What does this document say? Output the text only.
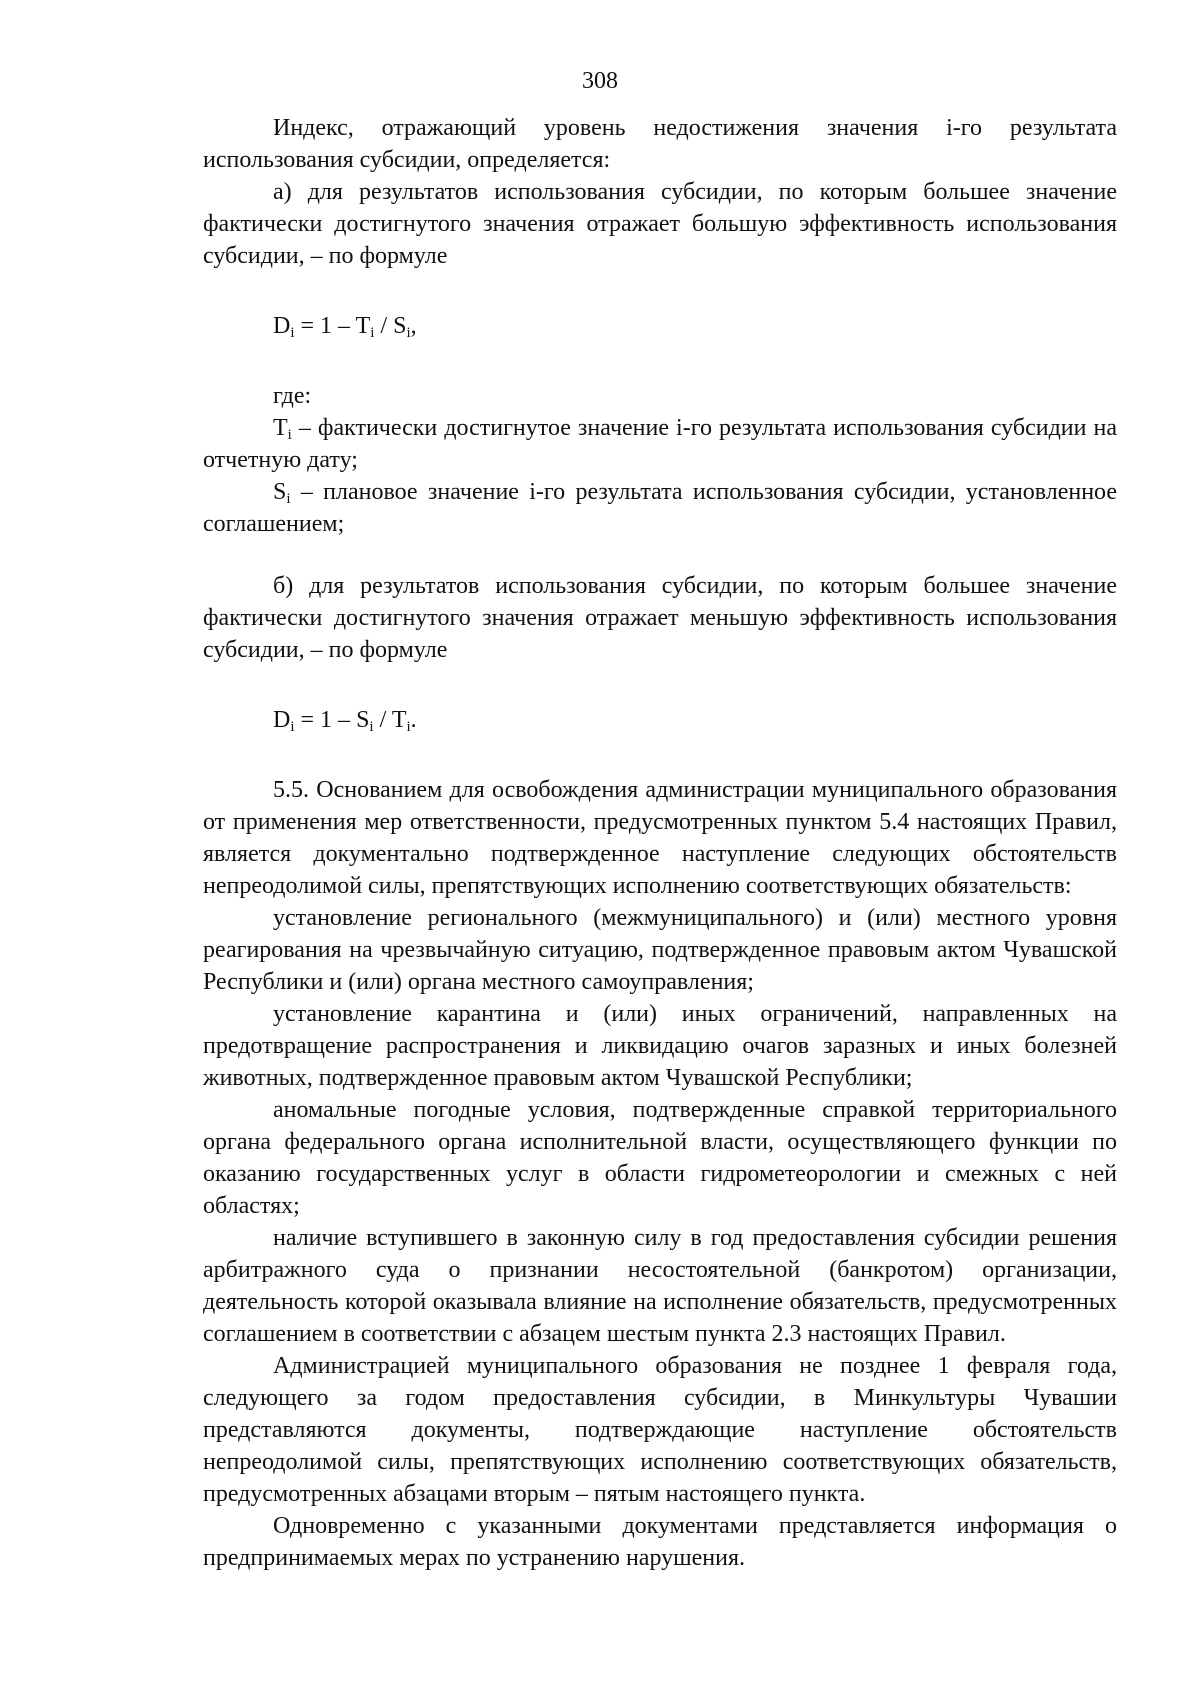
308

Индекс, отражающий уровень недостижения значения i-го результата использования субсидии, определяется:

а) для результатов использования субсидии, по которым большее значение фактически достигнутого значения отражает большую эффективность использования субсидии, – по формуле

$D_i = 1 - T_i / S_i$,

где:

$T_i$ – фактически достигнутое значение i-го результата использования субсидии на отчетную дату;

$S_i$ – плановое значение i-го результата использования субсидии, установленное соглашением;

б) для результатов использования субсидии, по которым большее значение фактически достигнутого значения отражает меньшую эффективность использования субсидии, – по формуле

$D_i = 1 - S_i / T_i$.

5.5. Основанием для освобождения администрации муниципального образования от применения мер ответственности, предусмотренных пунктом 5.4 настоящих Правил, является документально подтвержденное наступление следующих обстоятельств непреодолимой силы, препятствующих исполнению соответствующих обязательств:

установление регионального (межмуниципального) и (или) местного уровня реагирования на чрезвычайную ситуацию, подтвержденное правовым актом Чувашской Республики и (или) органа местного самоуправления;

установление карантина и (или) иных ограничений, направленных на предотвращение распространения и ликвидацию очагов заразных и иных болезней животных, подтвержденное правовым актом Чувашской Республики;

аномальные погодные условия, подтвержденные справкой территориального органа федерального органа исполнительной власти, осуществляющего функции по оказанию государственных услуг в области гидрометеорологии и смежных с ней областях;

наличие вступившего в законную силу в год предоставления субсидии решения арбитражного суда о признании несостоятельной (банкротом) организации, деятельность которой оказывала влияние на исполнение обязательств, предусмотренных соглашением в соответствии с абзацем шестым пункта 2.3 настоящих Правил.

Администрацией муниципального образования не позднее 1 февраля года, следующего за годом предоставления субсидии, в Минкультуры Чувашии представляются документы, подтверждающие наступление обстоятельств непреодолимой силы, препятствующих исполнению соответствующих обязательств, предусмотренных абзацами вторым – пятым настоящего пункта.

Одновременно с указанными документами представляется информация о предпринимаемых мерах по устранению нарушения.
